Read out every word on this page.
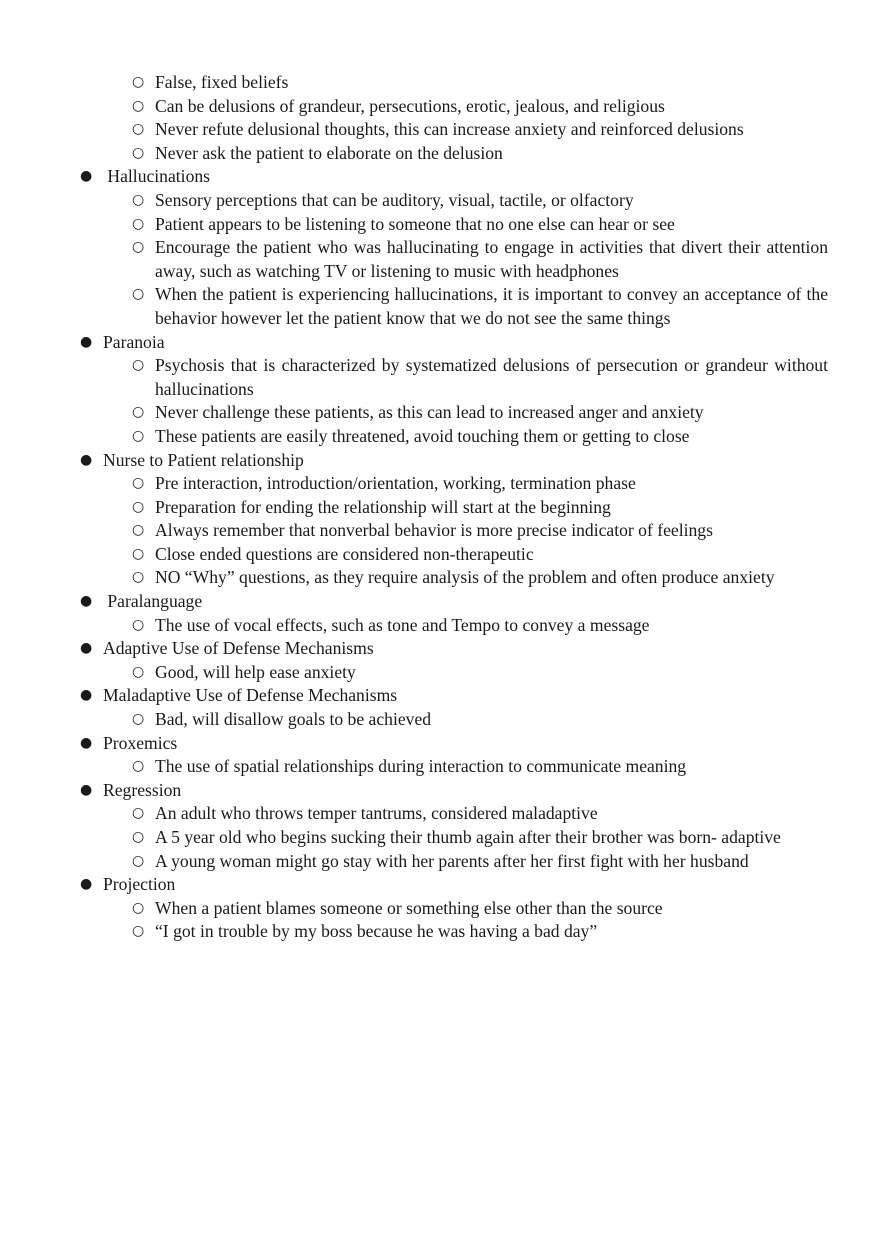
○ False, fixed beliefs
○ Can be delusions of grandeur, persecutions, erotic, jealous, and religious
○ Never refute delusional thoughts, this can increase anxiety and reinforced delusions
○ Never ask the patient to elaborate on the delusion
● Hallucinations
○ Sensory perceptions that can be auditory, visual, tactile, or olfactory
○ Patient appears to be listening to someone that no one else can hear or see
○ Encourage the patient who was hallucinating to engage in activities that divert their attention away, such as watching TV or listening to music with headphones
○ When the patient is experiencing hallucinations, it is important to convey an acceptance of the behavior however let the patient know that we do not see the same things
● Paranoia
○ Psychosis that is characterized by systematized delusions of persecution or grandeur without hallucinations
○ Never challenge these patients, as this can lead to increased anger and anxiety
○ These patients are easily threatened, avoid touching them or getting to close
● Nurse to Patient relationship
○ Pre interaction, introduction/orientation, working, termination phase
○ Preparation for ending the relationship will start at the beginning
○ Always remember that nonverbal behavior is more precise indicator of feelings
○ Close ended questions are considered non-therapeutic
○ NO “Why” questions, as they require analysis of the problem and often produce anxiety
● Paralanguage
○ The use of vocal effects, such as tone and Tempo to convey a message
● Adaptive Use of Defense Mechanisms
○ Good, will help ease anxiety
● Maladaptive Use of Defense Mechanisms
○ Bad, will disallow goals to be achieved
● Proxemics
○ The use of spatial relationships during interaction to communicate meaning
● Regression
○ An adult who throws temper tantrums, considered maladaptive
○ A 5 year old who begins sucking their thumb again after their brother was born- adaptive
○ A young woman might go stay with her parents after her first fight with her husband
● Projection
○ When a patient blames someone or something else other than the source
○ “I got in trouble by my boss because he was having a bad day”
